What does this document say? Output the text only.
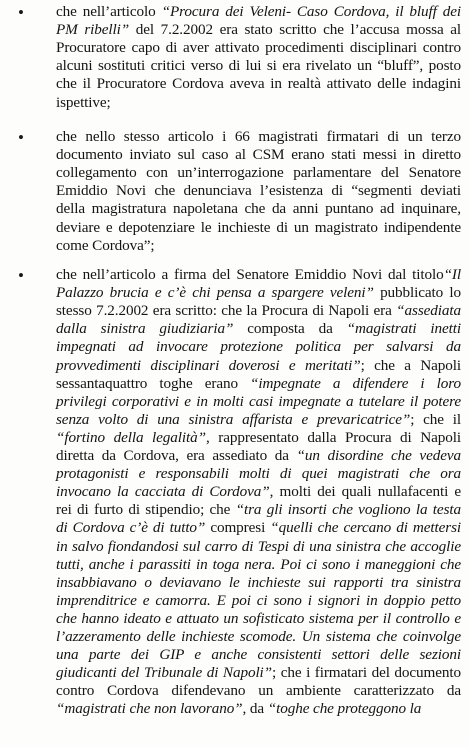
• che nell’articolo “Procura dei Veleni- Caso Cordova, il bluff dei
PM ribelli” del 7.2.2002 era stato scritto che l’accusa mossa al
Procuratore capo di aver attivato procedimenti disciplinari contro
alcuni sostituti critici verso di lui si era rivelato un “bluff”, posto
che il Procuratore Cordova aveva in realtà attivato delle indagini
ispettive;
• che nello stesso articolo i 66 magistrati firmatari di un terzo
documento inviato sul caso al CSM erano stati messi in diretto
collegamento con un’interrogazione parlamentare del Senatore
Emiddio Novi che denunciava l’esistenza di “segmenti deviati
della magistratura napoletana che da anni puntano ad inquinare,
deviare e depotenziare le inchieste di un magistrato indipendente
come Cordova”;
• che nell’articolo a firma del Senatore Emiddio Novi dal titolo“Il
Palazzo brucia e c’è chi pensa a spargere veleni” pubblicato lo
stesso 7.2.2002 era scritto: che la Procura di Napoli era “assediata
dalla sinistra giudiziaria” composta da “magistrati inetti
impegnati ad invocare protezione politica per salvarsi da
provvedimenti disciplinari doverosi e meritati”; che a Napoli
sessantaquattro toghe erano “impegnate a difendere i loro
privilegi corporativi e in molti casi impegnate a tutelare il potere
senza volto di una sinistra affarista e prevaricatrice”; che il
“fortino della legalità”, rappresentato dalla Procura di Napoli
diretta da Cordova, era assediato da “un disordine che vedeva
protagonisti e responsabili molti di quei magistrati che ora
invocano la cacciata di Cordova”, molti dei quali nullafacenti e
rei di furto di stipendio; che “tra gli insorti che vogliono la testa
di Cordova c’è di tutto” compresi “quelli che cercano di mettersi
in salvo fiondandosi sul carro di Tespi di una sinistra che accoglie
tutti, anche i parassiti in toga nera. Poi ci sono i maneggioni che
insabbiavano o deviavano le inchieste sui rapporti tra sinistra
imprenditrice e camorra. E poi ci sono i signori in doppio petto
che hanno ideato e attuato un sofisticato sistema per il controllo e
l’azzeramento delle inchieste scomode. Un sistema che coinvolge
una parte dei GIP e anche consistenti settori delle sezioni
giudicanti del Tribunale di Napoli”; che i firmatari del documento
contro Cordova difendevano un ambiente caratterizzato da
“magistrati che non lavorano”, da “toghe che proteggono la
